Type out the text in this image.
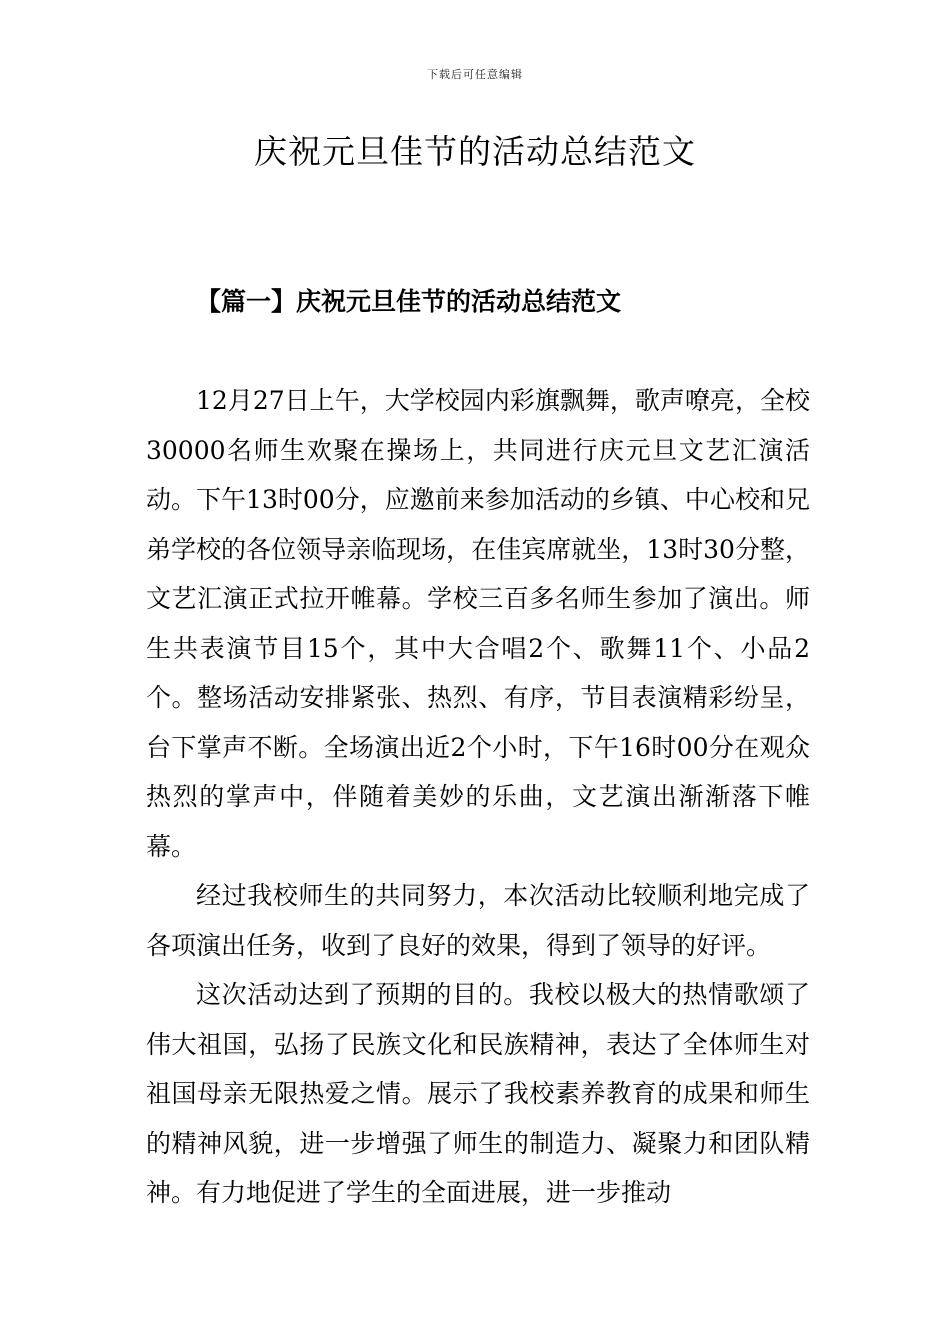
下载后可任意编辑
庆祝元旦佳节的活动总结范文
【篇一】庆祝元旦佳节的活动总结范文

12月27日上午，大学校园内彩旗飘舞，歌声嘹亮，全校30000名师生欢聚在操场上，共同进行庆元旦文艺汇演活动。下午13时00分，应邀前来参加活动的乡镇、中心校和兄弟学校的各位领导亲临现场，在佳宾席就坐，13时30分整，文艺汇演正式拉开帷幕。学校三百多名师生参加了演出。师生共表演节目15个，其中大合唱2个、歌舞11个、小品2个。整场活动安排紧张、热烈、有序，节目表演精彩纷呈，台下掌声不断。全场演出近2个小时，下午16时00分在观众热烈的掌声中，伴随着美妙的乐曲，文艺演出渐渐落下帷幕。

经过我校师生的共同努力，本次活动比较顺利地完成了各项演出任务，收到了良好的效果，得到了领导的好评。

这次活动达到了预期的目的。我校以极大的热情歌颂了伟大祖国，弘扬了民族文化和民族精神，表达了全体师生对祖国母亲无限热爱之情。展示了我校素养教育的成果和师生的精神风貌，进一步增强了师生的制造力、凝聚力和团队精神。有力地促进了学生的全面进展，进一步推动
